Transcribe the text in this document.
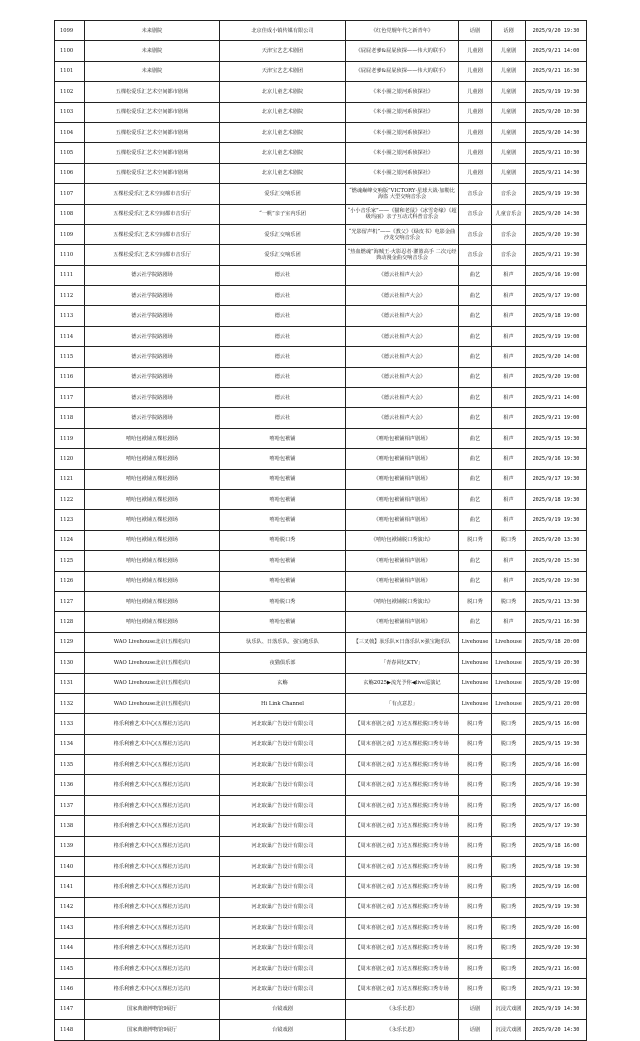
1099	未来剧院	北京佳成小镇传媒有限公司	《红色党舰年代之新青年》	话剧	话剧	2025/9/20 19:30
1100	未来剧院	天津宝艺艺术剧团	《屁屁老爹&屁屁侦探——伟大的联手》	儿童剧	儿童剧	2025/9/21 14:00
1101	未来剧院	天津宝艺艺术剧团	《屁屁老爹&屁屁侦探——伟大的联手》	儿童剧	儿童剧	2025/9/21 16:30
1102	五棵松爱乐汇艺术空间都市剧场	北京儿童艺术剧院	《米小圈之银河系侦探社》	儿童剧	儿童剧	2025/9/19 19:30
1103	五棵松爱乐汇艺术空间都市剧场	北京儿童艺术剧院	《米小圈之银河系侦探社》	儿童剧	儿童剧	2025/9/20 10:30
1104	五棵松爱乐汇艺术空间都市剧场	北京儿童艺术剧院	《米小圈之银河系侦探社》	儿童剧	儿童剧	2025/9/20 14:30
1105	五棵松爱乐汇艺术空间都市剧场	北京儿童艺术剧院	《米小圈之银河系侦探社》	儿童剧	儿童剧	2025/9/21 10:30
1106	五棵松爱乐汇艺术空间都市剧场	北京儿童艺术剧院	《米小圈之银河系侦探社》	儿童剧	儿童剧	2025/9/21 14:30
1107	五棵松爱乐汇艺术空间都市音乐厅	爱乐汇交响乐团	“燃魂巅峰交响版”VICTORY·星球大战·加勒比海盗 大型交响音乐会	音乐会	音乐会	2025/9/19 19:30
1108	五棵松爱乐汇艺术空间都市音乐厅	“一帆”亲子室内乐团	“小小音乐家”——《猫和老鼠》《冰雪奇缘》《超级玛丽》亲子互动式科普音乐会	音乐会	儿童音乐会	2025/9/20 14:30
1109	五棵松爱乐汇艺术空间都市音乐厅	爱乐汇交响乐团	“光影留声机”——《教父》《绿皮书》电影金曲沙龙交响音乐会	音乐会	音乐会	2025/9/20 19:30
1110	五棵松爱乐汇艺术空间都市音乐厅	爱乐汇交响乐团	“热血燃魂”海贼王·火影忍者·灌篮高手 二次元经典动漫金曲交响音乐会	音乐会	音乐会	2025/9/21 19:30
1111	德云社学院路剧场	德云社	《德云社相声大会》	曲艺	相声	2025/9/16 19:00
1112	德云社学院路剧场	德云社	《德云社相声大会》	曲艺	相声	2025/9/17 19:00
1113	德云社学院路剧场	德云社	《德云社相声大会》	曲艺	相声	2025/9/18 19:00
1114	德云社学院路剧场	德云社	《德云社相声大会》	曲艺	相声	2025/9/19 19:00
1115	德云社学院路剧场	德云社	《德云社相声大会》	曲艺	相声	2025/9/20 14:00
1116	德云社学院路剧场	德云社	《德云社相声大会》	曲艺	相声	2025/9/20 19:00
1117	德云社学院路剧场	德云社	《德云社相声大会》	曲艺	相声	2025/9/21 14:00
1118	德云社学院路剧场	德云社	《德云社相声大会》	曲艺	相声	2025/9/21 19:00
1119	嘻哈包袱铺五棵松剧场	嘻哈包袱铺	《嘻哈包袱铺相声剧场》	曲艺	相声	2025/9/15 19:30
1120	嘻哈包袱铺五棵松剧场	嘻哈包袱铺	《嘻哈包袱铺相声剧场》	曲艺	相声	2025/9/16 19:30
1121	嘻哈包袱铺五棵松剧场	嘻哈包袱铺	《嘻哈包袱铺相声剧场》	曲艺	相声	2025/9/17 19:30
1122	嘻哈包袱铺五棵松剧场	嘻哈包袱铺	《嘻哈包袱铺相声剧场》	曲艺	相声	2025/9/18 19:30
1123	嘻哈包袱铺五棵松剧场	嘻哈包袱铺	《嘻哈包袱铺相声剧场》	曲艺	相声	2025/9/19 19:30
1124	嘻哈包袱铺五棵松剧场	嘻哈脱口秀	《嘻哈包袱铺脱口秀演出》	脱口秀	脱口秀	2025/9/20 13:30
1125	嘻哈包袱铺五棵松剧场	嘻哈包袱铺	《嘻哈包袱铺相声剧场》	曲艺	相声	2025/9/20 15:30
1126	嘻哈包袱铺五棵松剧场	嘻哈包袱铺	《嘻哈包袱铺相声剧场》	曲艺	相声	2025/9/20 19:30
1127	嘻哈包袱铺五棵松剧场	嘻哈脱口秀	《嘻哈包袱铺脱口秀演出》	脱口秀	脱口秀	2025/9/21 13:30
1128	嘻哈包袱铺五棵松剧场	嘻哈包袱铺	《嘻哈包袱铺相声剧场》	曲艺	相声	2025/9/21 16:30
1129	WAO Livehouse北京(五棵松店)	驮乐队、日落乐队、强宝跑乐队	【三叉戟】驮乐队×日落乐队×强宝跑乐队	Livehouse	Livehouse	2025/9/18 20:00
1130	WAO Livehouse北京(五棵松店)	夜猫俱乐部	「青春回忆KTV」	Livehouse	Livehouse	2025/9/19 20:30
1131	WAO Livehouse北京(五棵松店)	玄觞	玄觞2025▶流光予你◀live巡演记	Livehouse	Livehouse	2025/9/20 19:00
1132	WAO Livehouse北京(五棵松店)	Hi Link Channel	「有点意思」	Livehouse	Livehouse	2025/9/21 20:00
1133	格乐利雅艺术中心(五棵松万达店)	河北取巢广告设计有限公司	【周末喜剧之夜】万达五棵松脱口秀专场	脱口秀	脱口秀	2025/9/15 16:00
1134	格乐利雅艺术中心(五棵松万达店)	河北取巢广告设计有限公司	【周末喜剧之夜】万达五棵松脱口秀专场	脱口秀	脱口秀	2025/9/15 19:30
1135	格乐利雅艺术中心(五棵松万达店)	河北取巢广告设计有限公司	【周末喜剧之夜】万达五棵松脱口秀专场	脱口秀	脱口秀	2025/9/16 16:00
1136	格乐利雅艺术中心(五棵松万达店)	河北取巢广告设计有限公司	【周末喜剧之夜】万达五棵松脱口秀专场	脱口秀	脱口秀	2025/9/16 19:30
1137	格乐利雅艺术中心(五棵松万达店)	河北取巢广告设计有限公司	【周末喜剧之夜】万达五棵松脱口秀专场	脱口秀	脱口秀	2025/9/17 16:00
1138	格乐利雅艺术中心(五棵松万达店)	河北取巢广告设计有限公司	【周末喜剧之夜】万达五棵松脱口秀专场	脱口秀	脱口秀	2025/9/17 19:30
1139	格乐利雅艺术中心(五棵松万达店)	河北取巢广告设计有限公司	【周末喜剧之夜】万达五棵松脱口秀专场	脱口秀	脱口秀	2025/9/18 16:00
1140	格乐利雅艺术中心(五棵松万达店)	河北取巢广告设计有限公司	【周末喜剧之夜】万达五棵松脱口秀专场	脱口秀	脱口秀	2025/9/18 19:30
1141	格乐利雅艺术中心(五棵松万达店)	河北取巢广告设计有限公司	【周末喜剧之夜】万达五棵松脱口秀专场	脱口秀	脱口秀	2025/9/19 16:00
1142	格乐利雅艺术中心(五棵松万达店)	河北取巢广告设计有限公司	【周末喜剧之夜】万达五棵松脱口秀专场	脱口秀	脱口秀	2025/9/19 19:30
1143	格乐利雅艺术中心(五棵松万达店)	河北取巢广告设计有限公司	【周末喜剧之夜】万达五棵松脱口秀专场	脱口秀	脱口秀	2025/9/20 16:00
1144	格乐利雅艺术中心(五棵松万达店)	河北取巢广告设计有限公司	【周末喜剧之夜】万达五棵松脱口秀专场	脱口秀	脱口秀	2025/9/20 19:30
1145	格乐利雅艺术中心(五棵松万达店)	河北取巢广告设计有限公司	【周末喜剧之夜】万达五棵松脱口秀专场	脱口秀	脱口秀	2025/9/21 16:00
1146	格乐利雅艺术中心(五棵松万达店)	河北取巢广告设计有限公司	【周末喜剧之夜】万达五棵松脱口秀专场	脱口秀	脱口秀	2025/9/21 19:30
1147	国家典籍博物馆9展厅	台镜戏剧	《永乐长恩》	话剧	沉浸式戏剧	2025/9/19 14:30
1148	国家典籍博物馆9展厅	台镜戏剧	《永乐长恩》	话剧	沉浸式戏剧	2025/9/20 14:30
